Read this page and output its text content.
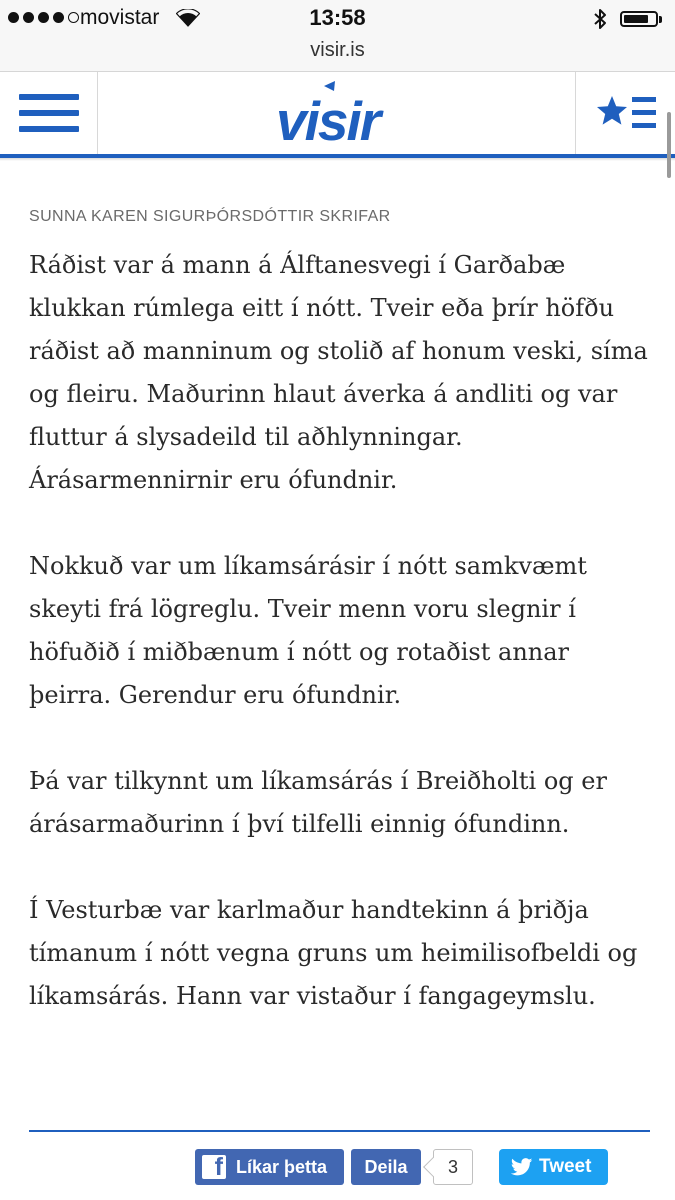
movistar	13:58
visir.is
visir
SUNNA KAREN SIGURÞÓRSDÓTTIR SKRIFAR

Ráðist var á mann á Álftanesvegi í Garðabæ klukkan rúmlega eitt í nótt. Tveir eða þrír höfðu ráðist að manninum og stolið af honum veski, síma og fleiru. Maðurinn hlaut áverka á andliti og var fluttur á slysadeild til aðhlynningar. Árásarmennirnir eru ófundnir.

Nokkuð var um líkamsárásir í nótt samkvæmt skeyti frá lögreglu. Tveir menn voru slegnir í höfuðið í miðbænum í nótt og rotaðist annar þeirra. Gerendur eru ófundnir.

Þá var tilkynnt um líkamsárás í Breiðholti og er árásarmaðurinn í því tilfelli einnig ófundinn.

Í Vesturbæ var karlmaður handtekinn á þriðja tímanum í nótt vegna gruns um heimilisofbeldi og líkamsárás. Hann var vistaður í fangageymslu.

f Líkar þetta	Deila	3	Tweet
